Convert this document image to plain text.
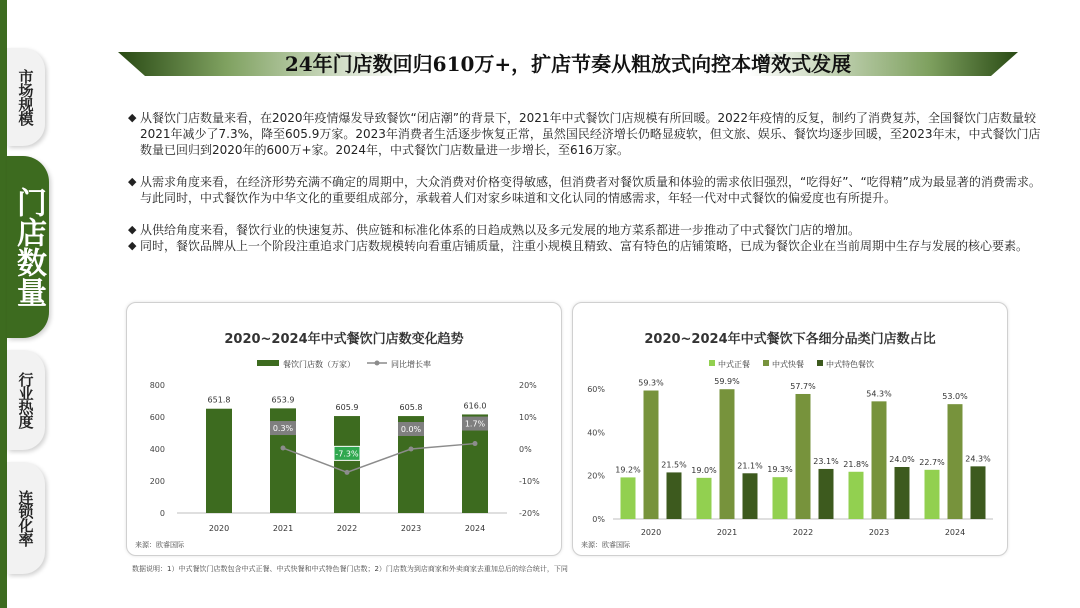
市场规模
门店数量
行业热度
连锁化率
24年门店数回归610万+，扩店节奏从粗放式向控本增效式发展
◆ 从餐饮门店数量来看，在2020年疫情爆发导致餐饮“闭店潮”的背景下，2021年中式餐饮门店规模有所回暖。2022年疫情的反复，制约了消费复苏，全国餐饮门店数量较2021年减少了7.3%，降至605.9万家。2023年消费者生活逐步恢复正常，虽然国民经济增长仍略显疲软，但文旅、娱乐、餐饮均逐步回暖，至2023年末，中式餐饮门店数量已回归到2020年的600万+家。2024年，中式餐饮门店数量进一步增长，至616万家。
◆ 从需求角度来看，在经济形势充满不确定的周期中，大众消费对价格变得敏感，但消费者对餐饮质量和体验的需求依旧强烈，“吃得好”、“吃得精”成为最显著的消费需求。与此同时，中式餐饮作为中华文化的重要组成部分，承载着人们对家乡味道和文化认同的情感需求，年轻一代对中式餐饮的偏爱度也有所提升。
◆ 从供给角度来看，餐饮行业的快速复苏、供应链和标准化体系的日趋成熟以及多元发展的地方菜系都进一步推动了中式餐饮门店的增加。
◆ 同时，餐饮品牌从上一个阶段注重追求门店数规模转向看重店铺质量，注重小规模且精致、富有特色的店铺策略，已成为餐饮企业在当前周期中生存与发展的核心要素。
2020~2024年中式餐饮门店数变化趋势
餐饮门店数（万家）	同比增长率
0
200
400
600
800
-20%
-10%
0%
10%
20%
2020	2021	2022	2023	2024
651.8	653.9
605.9	605.8	616.0
0.3%
-7.3%
0.0%
1.7%
来源：欧睿国际
2020~2024年中式餐饮下各细分品类门店数占比
中式正餐	中式快餐	中式特色餐饮
0%
20%
40%
60%
2020	2021	2022	2023	2024
19.2%
59.3%
21.5%
19.0%
59.9%
21.1% 19.3%
57.7%
23.1% 21.8%
54.3%
24.0% 22.7%
53.0%
24.3%
来源：欧睿国际
数据说明：1）中式餐饮门店数包含中式正餐、中式快餐和中式特色餐门店数；2）门店数为到店商家和外卖商家去重加总后的综合统计，下同
